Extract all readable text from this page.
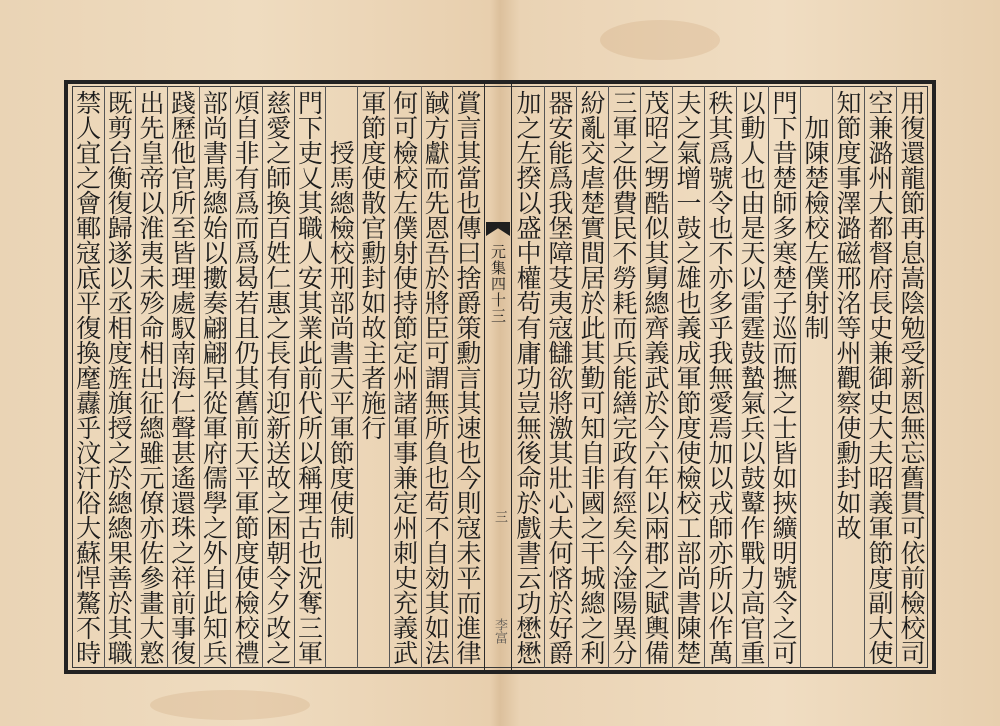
用復還龍節再息嵩陰勉受新恩無忘舊貫可依前檢校司
空兼潞州大都督府長史兼御史大夫昭義軍節度副大使
知節度事澤潞磁邢洺等州觀察使勳封如故
　加陳楚檢校左僕射制
門下昔楚師多寒楚子巡而撫之士皆如挾纊明號令之可
以動人也由是天以雷霆鼓蟄氣兵以鼓鼙作戰力高官重
秩其爲號令也不亦多乎我無愛焉加以戎師亦所以作萬
夫之氣增一鼓之雄也義成軍節度使檢校工部尚書陳楚
茂昭之甥酷似其舅總齊義武於今六年以兩郡之賦輿備
三軍之供費民不勞耗而兵能繕完政有經矣今淦陽異分
紛亂交虐楚實間居於此其勤可知自非國之干城總之利
器安能爲我堡障芟夷寇讎欲將激其壯心夫何悋於好爵
加之左揆以盛中權苟有庸功豈無後命於戲書云功懋懋
賞言其當也傳曰捨爵策勳言其速也今則寇未平而進律
馘方獻而先恩吾於將臣可謂無所負也苟不自効其如法
何可檢校左僕射使持節定州諸軍事兼定州刺史充義武
軍節度使散官勳封如故主者施行
　　授馬總檢校刑部尚書天平軍節度使制
門下吏乂其職人安其業此前代所以稱理古也況奪三軍
慈愛之師換百姓仁惠之長有迎新送故之困朝令夕改之
煩自非有爲而爲曷若且仍其舊前天平軍節度使檢校禮
部尚書馬總始以擻奏翩翩早從軍府儒學之外自此知兵
踐歷他官所至皆理處馭南海仁聲甚遙還珠之祥前事復
出先皇帝以淮夷未殄命相出征總雖元僚亦佐參畫大憝
既剪台衡復歸遂以丞相度旌旗授之於總總果善於其職
禁人宜之會鄆寇底平復換麾纛乎汶汗俗大蘇悍驁不時	元集四十三
三
李富
